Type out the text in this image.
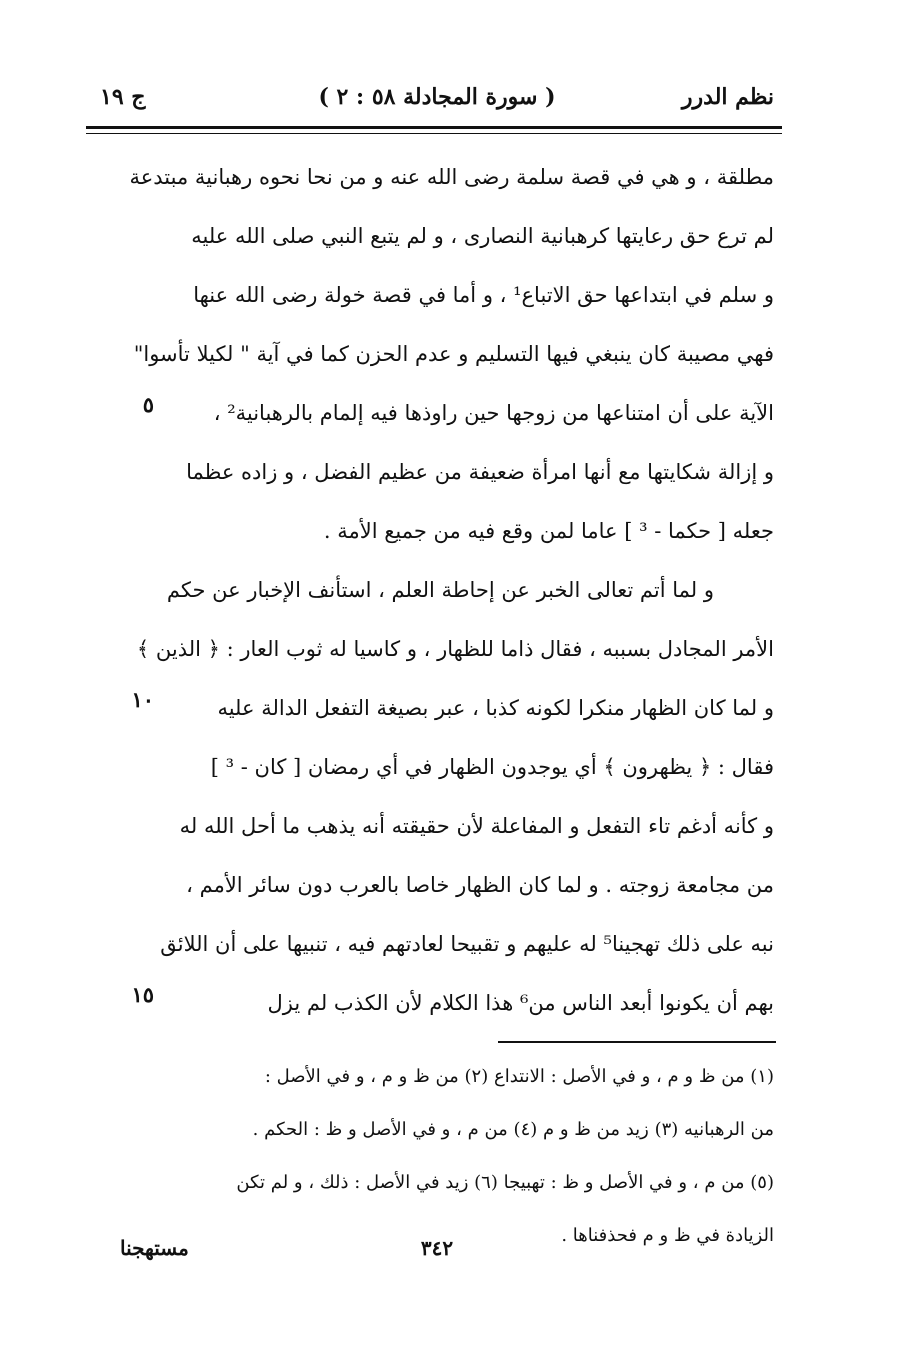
نظم الدرر
( سورة المجادلة ٥٨ : ٢ )
ج ١٩
مطلقة ، و هي في قصة سلمة رضى الله عنه و من نحا نحوه رهبانية مبتدعة
لم ترع حق رعايتها كرهبانية النصارى ، و لم يتبع النبي صلى الله عليه
و سلم في ابتداعها حق الاتباع¹ ، و أما في قصة خولة رضى الله عنها
فهي مصيبة كان ينبغي فيها التسليم و عدم الحزن كما في آية " لكيلا تأسوا"
الآية على أن امتناعها من زوجها حين راوذها فيه إلمام بالرهبانية² ،
و إزالة شكايتها مع أنها امرأة ضعيفة من عظيم الفضل ، و زاده عظما
جعله [ حكما - ³ ] عاما لمن وقع فيه من جميع الأمة .
و لما أتم تعالى الخبر عن إحاطة العلم ، استأنف الإخبار عن حكم
الأمر المجادل بسببه ، فقال ذاما للظهار ، و كاسيا له ثوب العار : ﴿ الذين ﴾
و لما كان الظهار منكرا لكونه كذبا ، عبر بصيغة التفعل الدالة عليه
فقال : ﴿ يظهرون ﴾ أي يوجدون الظهار في أي رمضان [ كان - ³ ]
و كأنه أدغم تاء التفعل و المفاعلة لأن حقيقته أنه يذهب ما أحل الله له
من مجامعة زوجته . و لما كان الظهار خاصا بالعرب دون سائر الأمم ،
نبه على ذلك تهجينا⁵ له عليهم و تقبيحا لعادتهم فيه ، تنبيها على أن اللائق
بهم أن يكونوا أبعد الناس من⁶ هذا الكلام لأن الكذب لم يزل
٥
١٠
١٥
(١) من ظ و م ، و في الأصل : الانتداع (٢) من ظ و م ، و في الأصل :
من الرهبانيه (٣) زيد من ظ و م (٤) من م ، و في الأصل و ظ : الحكم .
(٥) من م ، و في الأصل و ظ : تهبيجا (٦) زيد في الأصل : ذلك ، و لم تكن
الزيادة في ظ و م فحذفناها .
مستهجنا	٣٤٢
